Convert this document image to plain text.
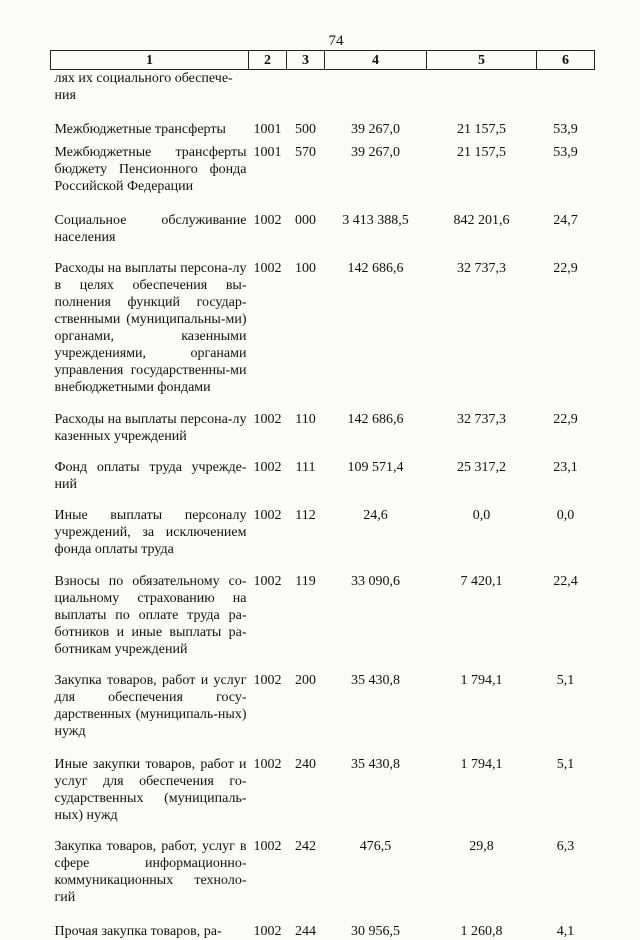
74
1	2	3	4	5	6
лях их социального обеспече-
ния					
Межбюджетные трансферты	1001	500	39 267,0	21 157,5	53,9
Межбюджетные трансферты бюджету Пенсионного фонда Российской Федерации	1001	570	39 267,0	21 157,5	53,9
Социальное обслуживание населения	1002	000	3 413 388,5	842 201,6	24,7
Расходы на выплаты персона-лу в целях обеспечения вы-полнения функций государ-ственными (муниципальны-ми) органами, казенными учреждениями, органами управления государственны-ми внебюджетными фондами	1002	100	142 686,6	32 737,3	22,9
Расходы на выплаты персона-лу казенных учреждений	1002	110	142 686,6	32 737,3	22,9
Фонд оплаты труда учрежде-ний	1002	111	109 571,4	25 317,2	23,1
Иные выплаты персоналу учреждений, за исключением фонда оплаты труда	1002	112	24,6	0,0	0,0
Взносы по обязательному со-циальному страхованию на выплаты по оплате труда ра-ботников и иные выплаты ра-ботникам учреждений	1002	119	33 090,6	7 420,1	22,4
Закупка товаров, работ и услуг для обеспечения госу-дарственных (муниципаль-ных) нужд	1002	200	35 430,8	1 794,1	5,1
Иные закупки товаров, работ и услуг для обеспечения го-сударственных (муниципаль-ных) нужд	1002	240	35 430,8	1 794,1	5,1
Закупка товаров, работ, услуг в сфере информационно-коммуникационных техноло-гий	1002	242	476,5	29,8	6,3
Прочая закупка товаров, ра-	1002	244	30 956,5	1 260,8	4,1
